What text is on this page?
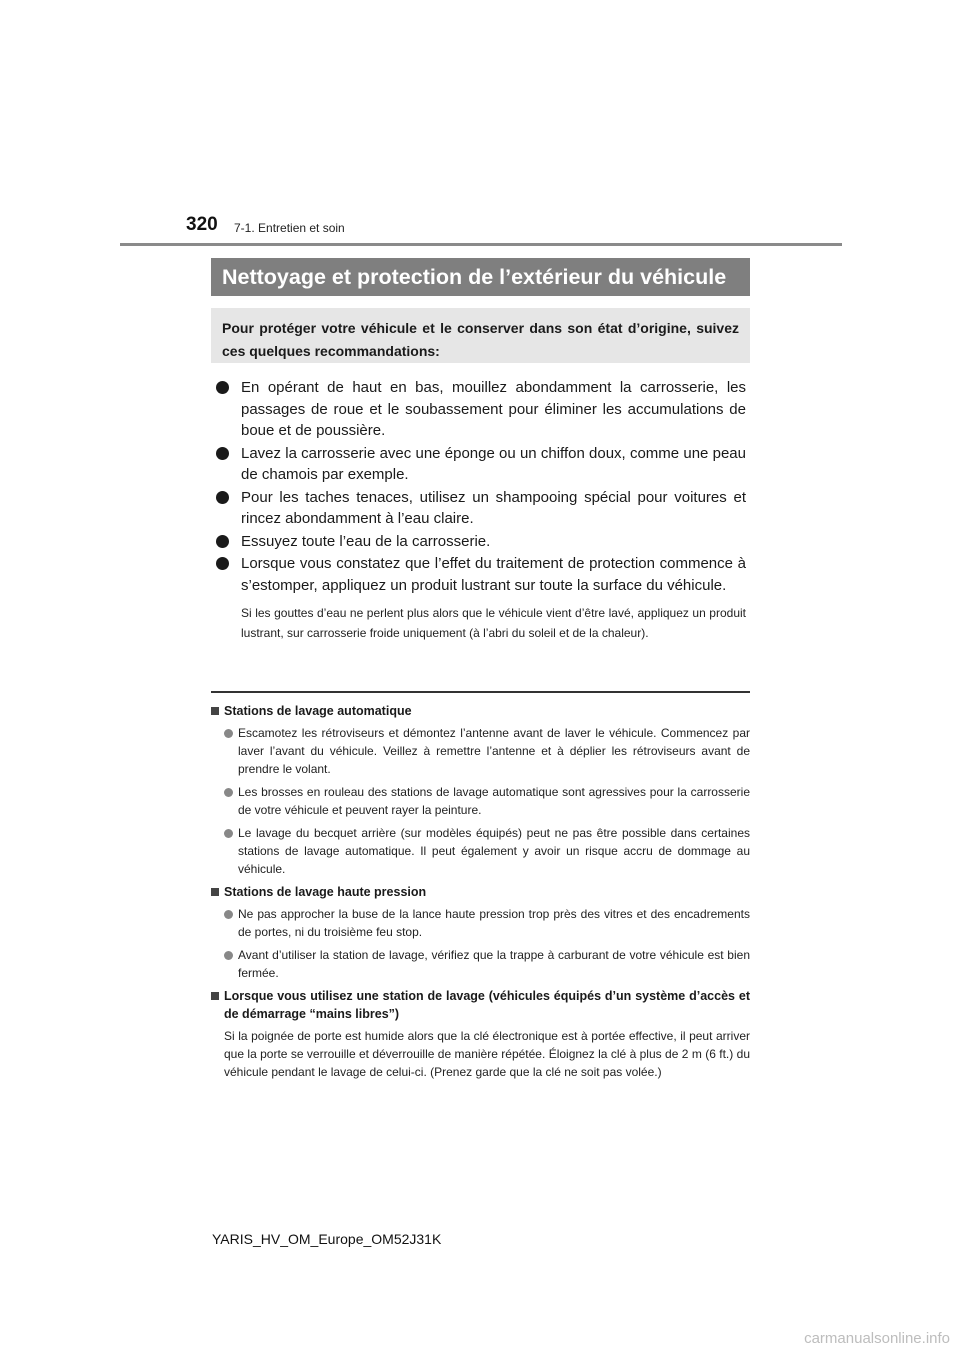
320 7-1. Entretien et soin
Nettoyage et protection de l’extérieur du véhicule
Pour protéger votre véhicule et le conserver dans son état d’origine, suivez ces quelques recommandations:
En opérant de haut en bas, mouillez abondamment la carrosserie, les passages de roue et le soubassement pour éliminer les accumulations de boue et de poussière.
Lavez la carrosserie avec une éponge ou un chiffon doux, comme une peau de chamois par exemple.
Pour les taches tenaces, utilisez un shampooing spécial pour voitures et rincez abondamment à l’eau claire.
Essuyez toute l’eau de la carrosserie.
Lorsque vous constatez que l’effet du traitement de protection commence à s’estomper, appliquez un produit lustrant sur toute la surface du véhicule.
Si les gouttes d’eau ne perlent plus alors que le véhicule vient d’être lavé, appliquez un produit lustrant, sur carrosserie froide uniquement (à l’abri du soleil et de la chaleur).
Stations de lavage automatique
Escamotez les rétroviseurs et démontez l’antenne avant de laver le véhicule. Commencez par laver l’avant du véhicule. Veillez à remettre l’antenne et à déplier les rétroviseurs avant de prendre le volant.
Les brosses en rouleau des stations de lavage automatique sont agressives pour la carrosserie de votre véhicule et peuvent rayer la peinture.
Le lavage du becquet arrière (sur modèles équipés) peut ne pas être possible dans certaines stations de lavage automatique. Il peut également y avoir un risque accru de dommage au véhicule.
Stations de lavage haute pression
Ne pas approcher la buse de la lance haute pression trop près des vitres et des encadrements de portes, ni du troisième feu stop.
Avant d’utiliser la station de lavage, vérifiez que la trappe à carburant de votre véhicule est bien fermée.
Lorsque vous utilisez une station de lavage (véhicules équipés d’un système d’accès et de démarrage “mains libres”)
Si la poignée de porte est humide alors que la clé électronique est à portée effective, il peut arriver que la porte se verrouille et déverrouille de manière répétée. Éloignez la clé à plus de 2 m (6 ft.) du véhicule pendant le lavage de celui-ci. (Prenez garde que la clé ne soit pas volée.)
YARIS_HV_OM_Europe_OM52J31K
carmanualsonline.info
